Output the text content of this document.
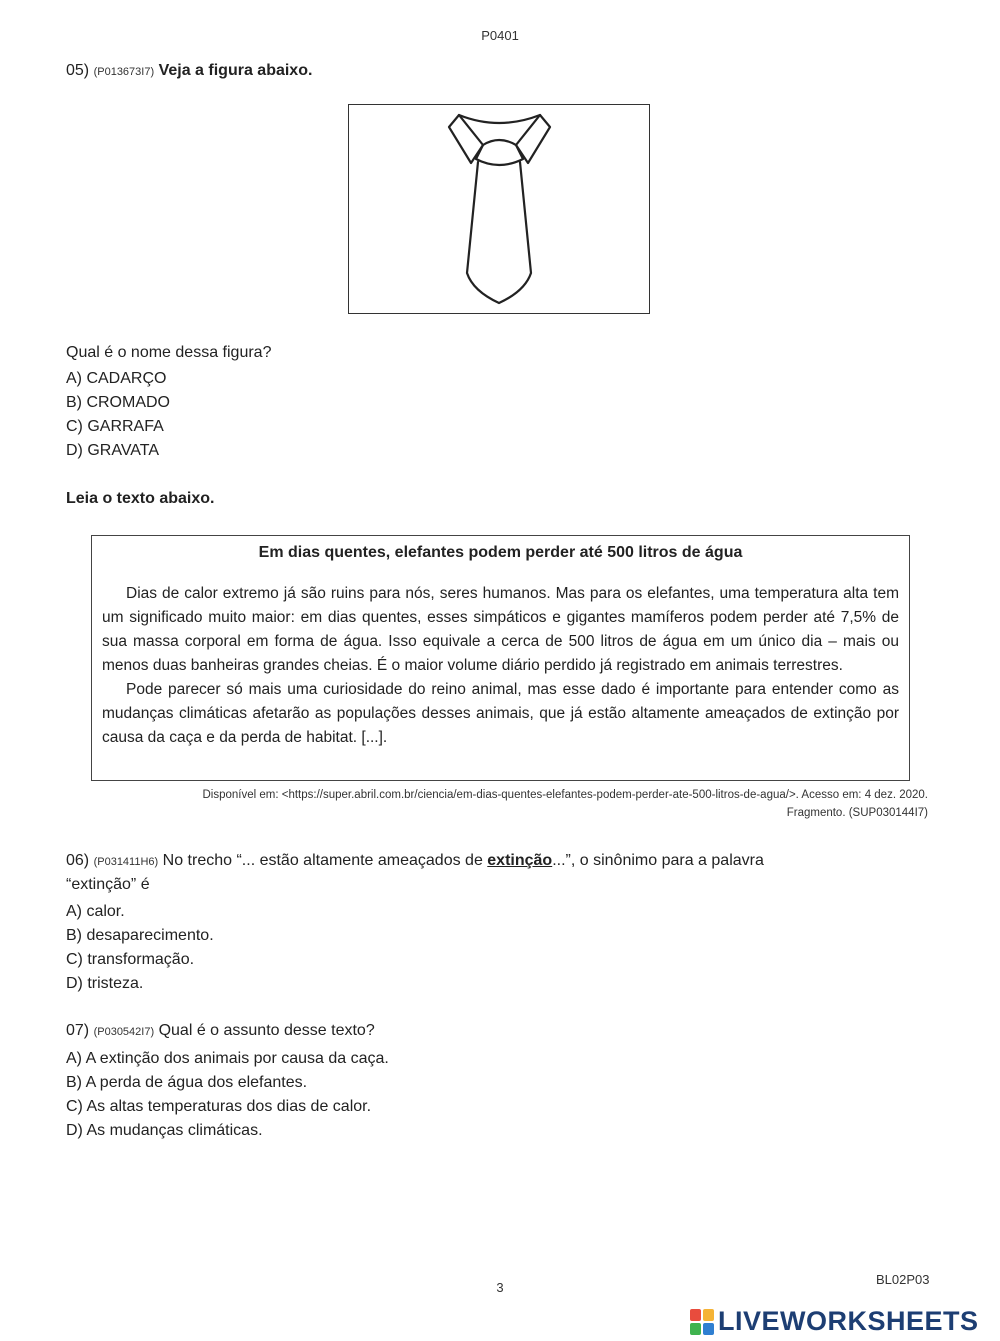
P0401
05) (P013673I7) Veja a figura abaixo.
Qual é o nome dessa figura?
A) CADARÇO
B) CROMADO
C) GARRAFA
D) GRAVATA
Leia o texto abaixo.
Em dias quentes, elefantes podem perder até 500 litros de água

Dias de calor extremo já são ruins para nós, seres humanos. Mas para os elefantes, uma temperatura alta tem um significado muito maior: em dias quentes, esses simpáticos e gigantes mamíferos podem perder até 7,5% de sua massa corporal em forma de água. Isso equivale a cerca de 500 litros de água em um único dia – mais ou menos duas banheiras grandes cheias. É o maior volume diário perdido já registrado em animais terrestres.

Pode parecer só mais uma curiosidade do reino animal, mas esse dado é importante para entender como as mudanças climáticas afetarão as populações desses animais, que já estão altamente ameaçados de extinção por causa da caça e da perda de habitat. [...].

Disponível em: <https://super.abril.com.br/ciencia/em-dias-quentes-elefantes-podem-perder-ate-500-litros-de-agua/>. Acesso em: 4 dez. 2020.
Fragmento. (SUP030144I7)
06) (P031411H6) No trecho “... estão altamente ameaçados de extinção...”, o sinônimo para a palavra
“extinção” é
A) calor.
B) desaparecimento.
C) transformação.
D) tristeza.
07) (P030542I7) Qual é o assunto desse texto?
A) A extinção dos animais por causa da caça.
B) A perda de água dos elefantes.
C) As altas temperaturas dos dias de calor.
D) As mudanças climáticas.
3
BL02P03
LIVEWORKSHEETS
